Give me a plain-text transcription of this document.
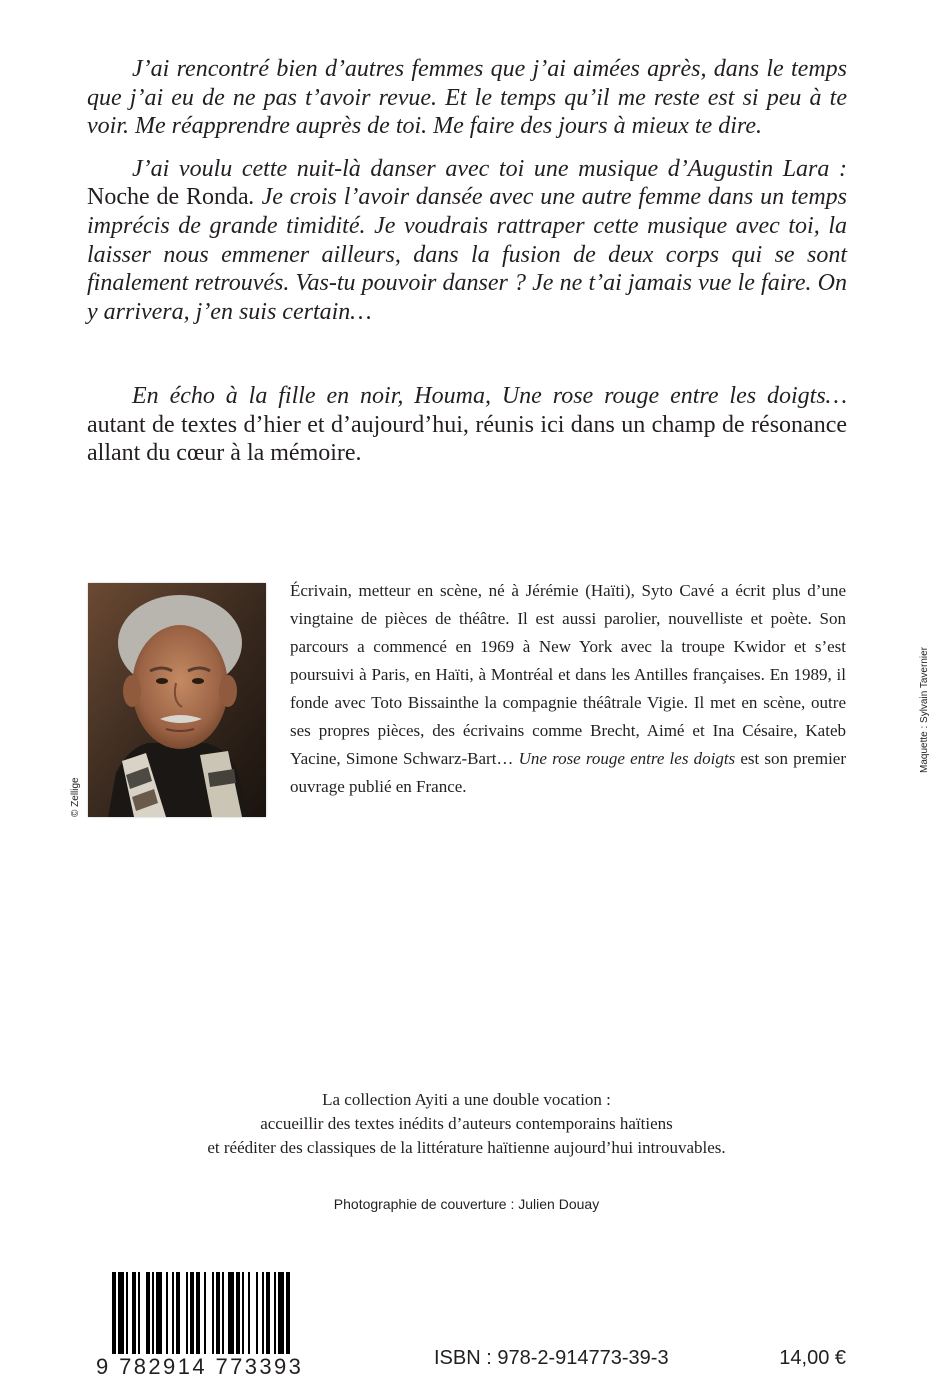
J’ai rencontré bien d’autres femmes que j’ai aimées après, dans le temps que j’ai eu de ne pas t’avoir revue. Et le temps qu’il me reste est si peu à te voir. Me réapprendre auprès de toi. Me faire des jours à mieux te dire.

J’ai voulu cette nuit-là danser avec toi une musique d’Augustin Lara : Noche de Ronda. Je crois l’avoir dansée avec une autre femme dans un temps imprécis de grande timidité. Je voudrais rattraper cette musique avec toi, la laisser nous emmener ailleurs, dans la fusion de deux corps qui se sont finalement retrouvés. Vas-tu pouvoir danser ? Je ne t’ai jamais vue le faire. On y arrivera, j’en suis certain…

En écho à la fille en noir, Houma, Une rose rouge entre les doigts… autant de textes d’hier et d’aujourd’hui, réunis ici dans un champ de résonance allant du cœur à la mémoire.

© Zellige

Écrivain, metteur en scène, né à Jérémie (Haïti), Syto Cavé a écrit plus d’une vingtaine de pièces de théâtre. Il est aussi parolier, nouvelliste et poète. Son parcours a commencé en 1969 à New York avec la troupe Kwidor et s’est poursuivi à Paris, en Haïti, à Montréal et dans les Antilles françaises. En 1989, il fonde avec Toto Bissainthe la compagnie théâtrale Vigie. Il met en scène, outre ses propres pièces, des écrivains comme Brecht, Aimé et Ina Césaire, Kateb Yacine, Simone Schwarz-Bart… Une rose rouge entre les doigts est son premier ouvrage publié en France.

Maquette : Sylvain Tavernier
La collection Ayiti a une double vocation :
accueillir des textes inédits d’auteurs contemporains haïtiens
et rééditer des classiques de la littérature haïtienne aujourd’hui introuvables.
Photographie de couverture : Julien Douay
9 782914 773393	ISBN : 978-2-914773-39-3	14,00 €
